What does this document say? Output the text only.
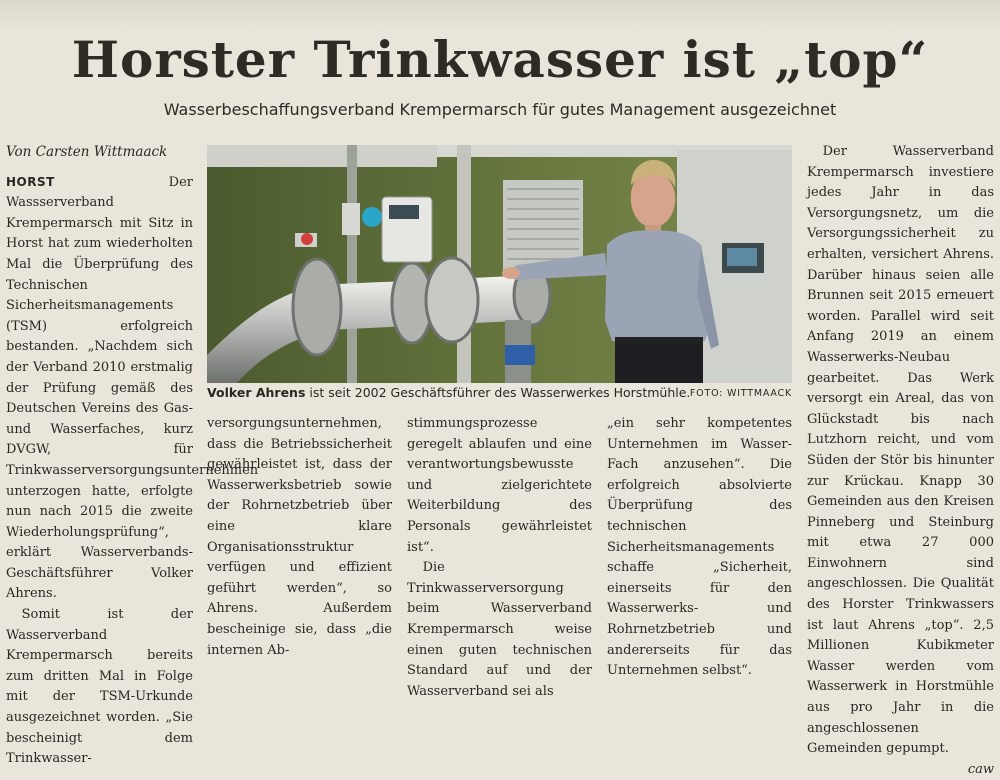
Horster Trinkwasser ist „top“

Wasserbeschaffungsverband Krempermarsch für gutes Management ausgezeichnet

Von Carsten Wittmaack

HORST Der Wassserverband Krempermarsch mit Sitz in Horst hat zum wiederholten Mal die Überprüfung des Technischen Sicherheitsmanagements (TSM) erfolgreich bestanden. „Nachdem sich der Verband 2010 erstmalig der Prüfung gemäß des Deutschen Vereins des Gas- und Wasserfaches, kurz DVGW, für Trinkwasserversorgungsunternehmen unterzogen hatte, erfolgte nun nach 2015 die zweite Wiederholungsprüfung“, erklärt Wasserverbands-Geschäftsführer Volker Ahrens.

Somit ist der Wasserverband Krempermarsch bereits zum dritten Mal in Folge mit der TSM-Urkunde ausgezeichnet worden. „Sie bescheinigt dem Trinkwasser-

Volker Ahrens ist seit 2002 Geschäftsführer des Wasserwerkes Horstmühle. FOTO: WITTMAACK

versorgungsunternehmen, dass die Betriebssicherheit gewährleistet ist, dass der Wasserwerksbetrieb sowie der Rohrnetzbetrieb über eine klare Organisationsstruktur verfügen und effizient geführt werden“, so Ahrens. Außerdem bescheinige sie, dass „die internen Ab-

stimmungsprozesse geregelt ablaufen und eine verantwortungsbewusste und zielgerichtete Weiterbildung des Personals gewährleistet ist“.

Die Trinkwasserversorgung beim Wasserverband Krempermarsch weise einen guten technischen Standard auf und der Wasserverband sei als

„ein sehr kompetentes Unternehmen im Wasser-Fach anzusehen“. Die erfolgreich absolvierte Überprüfung des technischen Sicherheitsmanagements schaffe „Sicherheit, einerseits für den Wasserwerks- und Rohrnetzbetrieb und andererseits für das Unternehmen selbst“.

Der Wasserverband Krempermarsch investiere jedes Jahr in das Versorgungsnetz, um die Versorgungssicherheit zu erhalten, versichert Ahrens. Darüber hinaus seien alle Brunnen seit 2015 erneuert worden. Parallel wird seit Anfang 2019 an einem Wasserwerks-Neubau gearbeitet. Das Werk versorgt ein Areal, das von Glückstadt bis nach Lutzhorn reicht, und vom Süden der Stör bis hinunter zur Krückau. Knapp 30 Gemeinden aus den Kreisen Pinneberg und Steinburg mit etwa 27 000 Einwohnern sind angeschlossen. Die Qualität des Horster Trinkwassers ist laut Ahrens „top“. 2,5 Millionen Kubikmeter Wasser werden vom Wasserwerk in Horstmühle aus pro Jahr in die angeschlossenen Gemeinden gepumpt.

caw
